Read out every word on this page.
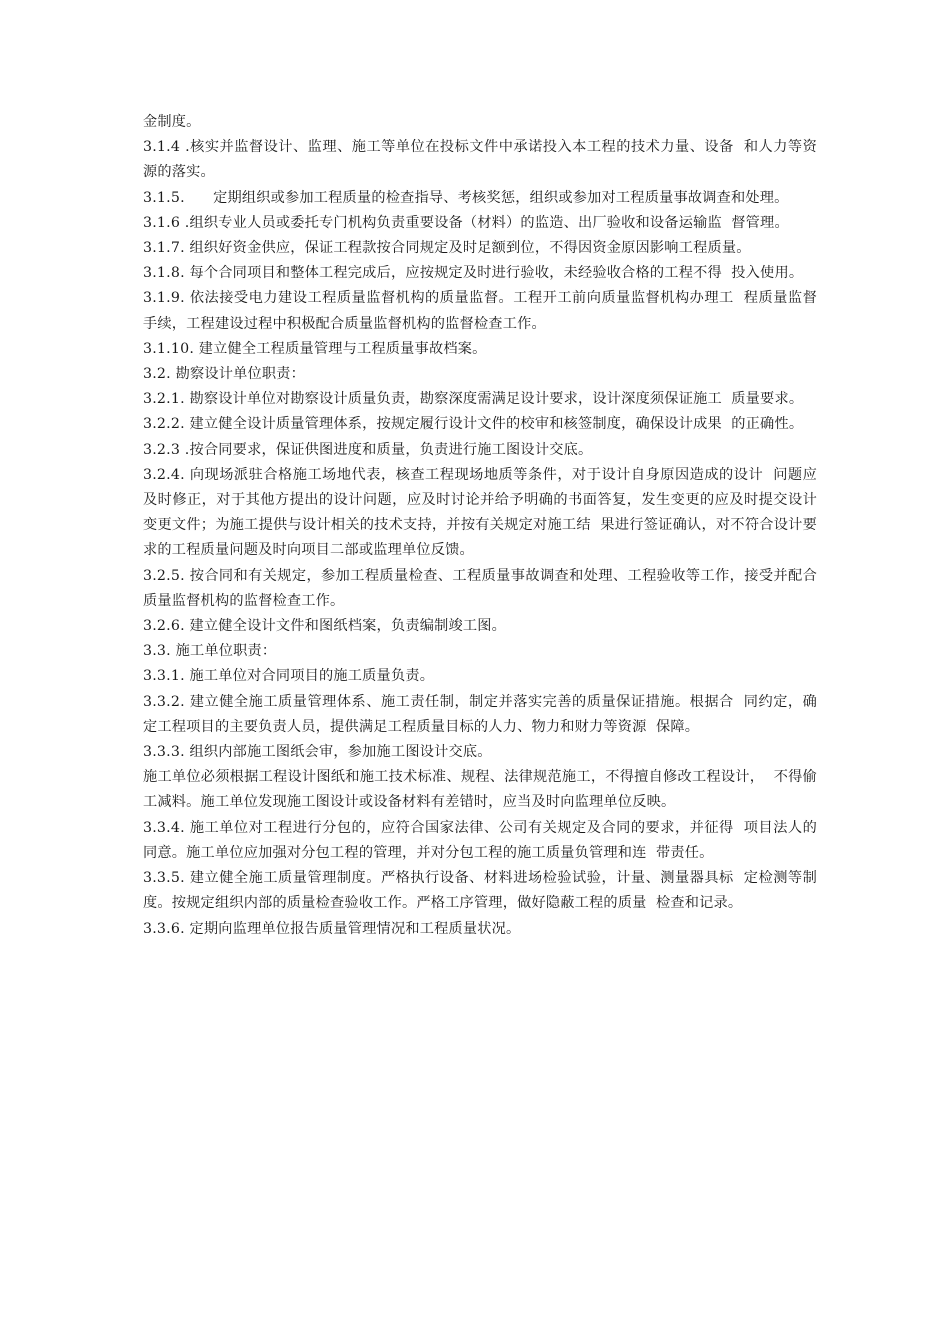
金制度。

3.1.4 .核实并监督设计、监理、施工等单位在投标文件中承诺投入本工程的技术力量、设备  和人力等资源的落实。

3.1.5.      定期组织或参加工程质量的检查指导、考核奖惩，组织或参加对工程质量事故调查和处理。

3.1.6 .组织专业人员或委托专门机构负责重要设备（材料）的监造、出厂验收和设备运输监  督管理。

3.1.7. 组织好资金供应，保证工程款按合同规定及时足额到位，不得因资金原因影响工程质量。

3.1.8. 每个合同项目和整体工程完成后，应按规定及时进行验收，未经验收合格的工程不得  投入使用。

3.1.9. 依法接受电力建设工程质量监督机构的质量监督。工程开工前向质量监督机构办理工  程质量监督手续，工程建设过程中积极配合质量监督机构的监督检查工作。

3.1.10. 建立健全工程质量管理与工程质量事故档案。

3.2. 勘察设计单位职责：

3.2.1. 勘察设计单位对勘察设计质量负责，勘察深度需满足设计要求，设计深度须保证施工  质量要求。

3.2.2. 建立健全设计质量管理体系，按规定履行设计文件的校审和核签制度，确保设计成果  的正确性。

3.2.3 .按合同要求，保证供图进度和质量，负责进行施工图设计交底。

3.2.4. 向现场派驻合格施工场地代表，核查工程现场地质等条件，对于设计自身原因造成的设计  问题应及时修正，对于其他方提出的设计问题，应及时讨论并给予明确的书面答复，发生变更的应及时提交设计变更文件；为施工提供与设计相关的技术支持，并按有关规定对施工结  果进行签证确认，对不符合设计要求的工程质量问题及时向项目二部或监理单位反馈。

3.2.5. 按合同和有关规定，参加工程质量检查、工程质量事故调查和处理、工程验收等工作，接受并配合质量监督机构的监督检查工作。

3.2.6. 建立健全设计文件和图纸档案，负责编制竣工图。

3.3. 施工单位职责：

3.3.1. 施工单位对合同项目的施工质量负责。

3.3.2. 建立健全施工质量管理体系、施工责任制，制定并落实完善的质量保证措施。根据合  同约定，确定工程项目的主要负责人员，提供满足工程质量目标的人力、物力和财力等资源  保障。

3.3.3. 组织内部施工图纸会审，参加施工图设计交底。

施工单位必须根据工程设计图纸和施工技术标准、规程、法律规范施工，不得擅自修改工程设计，  不得偷工减料。施工单位发现施工图设计或设备材料有差错时，应当及时向监理单位反映。

3.3.4. 施工单位对工程进行分包的，应符合国家法律、公司有关规定及合同的要求，并征得  项目法人的同意。施工单位应加强对分包工程的管理，并对分包工程的施工质量负管理和连  带责任。

3.3.5. 建立健全施工质量管理制度。严格执行设备、材料进场检验试验，计量、测量器具标  定检测等制度。按规定组织内部的质量检查验收工作。严格工序管理，做好隐蔽工程的质量  检查和记录。

3.3.6. 定期向监理单位报告质量管理情况和工程质量状况。
